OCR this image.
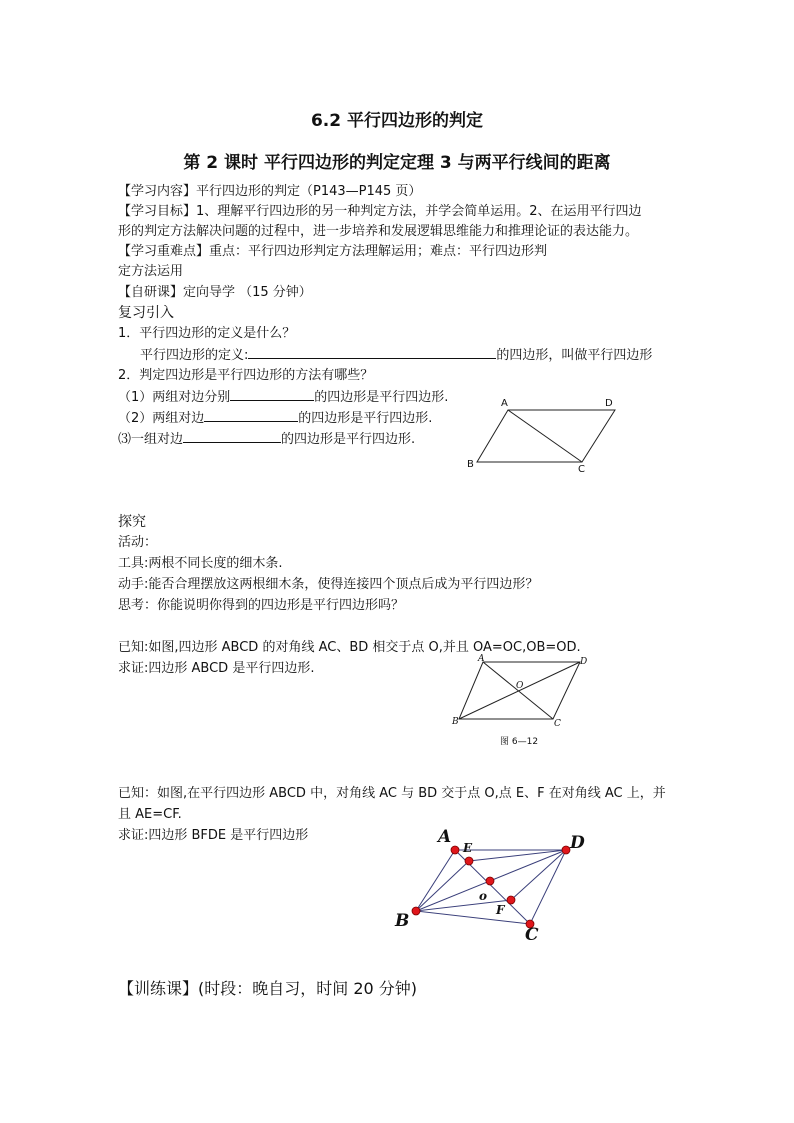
6.2 平行四边形的判定
第 2 课时 平行四边形的判定定理 3 与两平行线间的距离
【学习内容】平行四边形的判定（P143—P145 页）
【学习目标】1、理解平行四边形的另一种判定方法，并学会简单运用。2、在运用平行四边
形的判定方法解决问题的过程中，进一步培养和发展逻辑思维能力和推理论证的表达能力。
【学习重难点】重点：平行四边形判定方法理解运用；难点：平行四边形判
定方法运用
【自研课】定向导学 （15 分钟）
复习引入
1．平行四边形的定义是什么？
平行四边形的定义:	的四边形，叫做平行四边形
2．判定四边形是平行四边形的方法有哪些？
（1）两组对边分别	的四边形是平行四边形.
（2）两组对边	的四边形是平行四边形.
⑶一组对边	的四边形是平行四边形.
A	D
B	C
探究
活动：
工具:两根不同长度的细木条.
动手:能否合理摆放这两根细木条，使得连接四个顶点后成为平行四边形？
思考：你能说明你得到的四边形是平行四边形吗？
已知:如图,四边形 ABCD 的对角线 AC、BD 相交于点 O,并且 OA=OC,OB=OD.
求证:四边形 ABCD 是平行四边形.
A	D
B	C
O
图 6—12
已知：如图,在平行四边形 ABCD 中，对角线 AC 与 BD 交于点 O,点 E、F 在对角线 AC 上，并
且 AE=CF.
求证:四边形 BFDE 是平行四边形	A	D
B
C
E
F
o
【训练课】(时段：晚自习，时间 20 分钟)
